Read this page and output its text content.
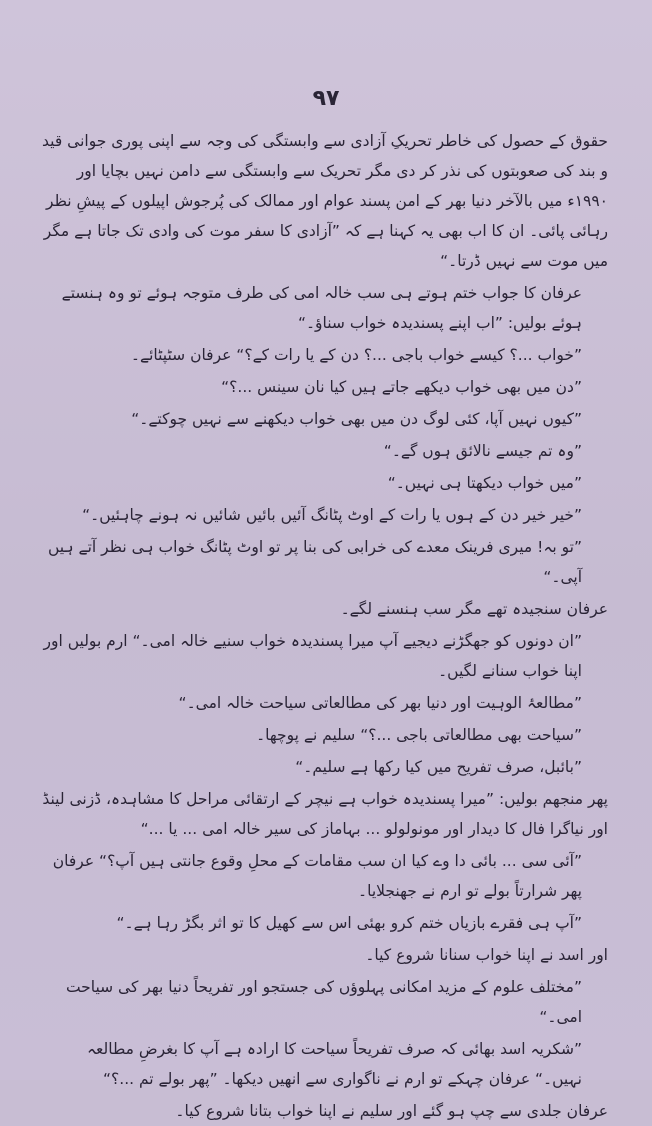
۹۷

حقوق کے حصول کی خاطر تحریکِ آزادی سے وابستگی کی وجہ سے اپنی پوری جوانی قید و بند کی صعوبتوں کی نذر کر دی مگر تحریک سے وابستگی سے دامن نہیں بچایا اور ۱۹۹۰ء میں بالآخر دنیا بھر کے امن پسند عوام اور ممالک کی پُرجوش اپیلوں کے پیشِ نظر رہائی پائی۔ ان کا اب بھی یہ کہنا ہے کہ ”آزادی کا سفر موت کی وادی تک جاتا ہے مگر میں موت سے نہیں ڈرتا۔“

عرفان کا جواب ختم ہوتے ہی سب خالہ امی کی طرف متوجہ ہوئے تو وہ ہنستے ہوئے بولیں: ”اب اپنے پسندیدہ خواب سناؤ۔“

”خواب ...؟ کیسے خواب باجی ...؟ دن کے یا رات کے؟“ عرفان سٹپٹائے۔

”دن میں بھی خواب دیکھے جاتے ہیں کیا نان سینس ...؟“

”کیوں نہیں آپا، کئی لوگ دن میں بھی خواب دیکھنے سے نہیں چوکتے۔“

”وہ تم جیسے نالائق ہوں گے۔“

”میں خواب دیکھتا ہی نہیں۔“

”خیر خیر دن کے ہوں یا رات کے اوٹ پٹانگ آئیں بائیں شائیں نہ ہونے چاہئیں۔“

”تو بہ! میری فرینک معدے کی خرابی کی بنا پر تو اوٹ پٹانگ خواب ہی نظر آتے ہیں آپی۔“

عرفان سنجیدہ تھے مگر سب ہنسنے لگے۔

”ان دونوں کو جھگڑنے دیجیے آپ میرا پسندیدہ خواب سنیے خالہ امی۔“ ارم بولیں اور اپنا خواب سنانے لگیں۔

”مطالعۂ الوہیت اور دنیا بھر کی مطالعاتی سیاحت خالہ امی۔“

”سیاحت بھی مطالعاتی باجی ...؟“ سلیم نے پوچھا۔

”بائبل، صرف تفریح میں کیا رکھا ہے سلیم۔“

پھر منجھم بولیں: ”میرا پسندیدہ خواب ہے نیچر کے ارتقائی مراحل کا مشاہدہ، ڈزنی لینڈ اور نیاگرا فال کا دیدار اور مونولولو ... بہاماز کی سیر خالہ امی ... یا ...“

”آئی سی ... بائی دا وے کیا ان سب مقامات کے محلِ وقوع جانتی ہیں آپ؟“ عرفان پھر شرارتاً بولے تو ارم نے جھنجلایا۔

”آپ ہی فقرے بازیاں ختم کرو بھئی اس سے کھیل کا تو اثر بگڑ رہا ہے۔“

اور اسد نے اپنا خواب سنانا شروع کیا۔

”مختلف علوم کے مزید امکانی پہلوؤں کی جستجو اور تفریحاً دنیا بھر کی سیاحت امی۔“

”شکریہ اسد بھائی کہ صرف تفریحاً سیاحت کا ارادہ ہے آپ کا بغرضِ مطالعہ نہیں۔“ عرفان چہکے تو ارم نے ناگواری سے انھیں دیکھا۔ ”پھر بولے تم ...؟“

عرفان جلدی سے چپ ہو گئے اور سلیم نے اپنا خواب بتانا شروع کیا۔
